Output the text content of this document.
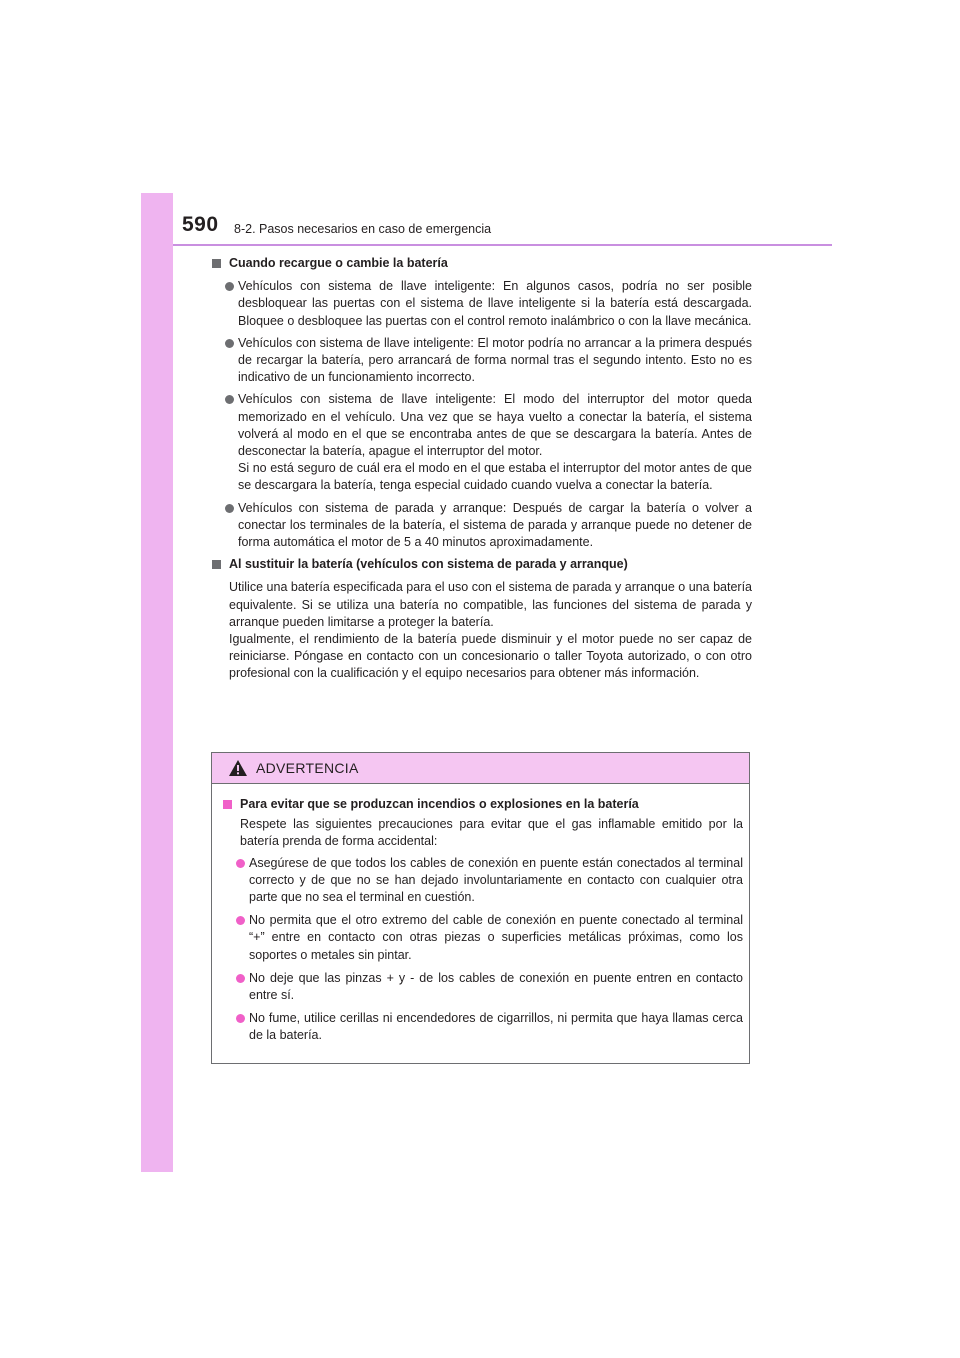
590 8-2. Pasos necesarios en caso de emergencia
Cuando recargue o cambie la batería
Vehículos con sistema de llave inteligente: En algunos casos, podría no ser posible desbloquear las puertas con el sistema de llave inteligente si la batería está descargada. Bloquee o desbloquee las puertas con el control remoto inalámbrico o con la llave mecánica.
Vehículos con sistema de llave inteligente: El motor podría no arrancar a la primera después de recargar la batería, pero arrancará de forma normal tras el segundo intento. Esto no es indicativo de un funcionamiento incorrecto.
Vehículos con sistema de llave inteligente: El modo del interruptor del motor queda memorizado en el vehículo. Una vez que se haya vuelto a conectar la batería, el sistema volverá al modo en el que se encontraba antes de que se descargara la batería. Antes de desconectar la batería, apague el interruptor del motor.
Si no está seguro de cuál era el modo en el que estaba el interruptor del motor antes de que se descargara la batería, tenga especial cuidado cuando vuelva a conectar la batería.
Vehículos con sistema de parada y arranque: Después de cargar la batería o volver a conectar los terminales de la batería, el sistema de parada y arranque puede no detener de forma automática el motor de 5 a 40 minutos aproximadamente.
Al sustituir la batería (vehículos con sistema de parada y arranque)
Utilice una batería especificada para el uso con el sistema de parada y arranque o una batería equivalente. Si se utiliza una batería no compatible, las funciones del sistema de parada y arranque pueden limitarse a proteger la batería.
Igualmente, el rendimiento de la batería puede disminuir y el motor puede no ser capaz de reiniciarse. Póngase en contacto con un concesionario o taller Toyota autorizado, o con otro profesional con la cualificación y el equipo necesarios para obtener más información.
ADVERTENCIA
Para evitar que se produzcan incendios o explosiones en la batería
Respete las siguientes precauciones para evitar que el gas inflamable emitido por la batería prenda de forma accidental:
Asegúrese de que todos los cables de conexión en puente están conectados al terminal correcto y de que no se han dejado involuntariamente en contacto con cualquier otra parte que no sea el terminal en cuestión.
No permita que el otro extremo del cable de conexión en puente conectado al terminal “+” entre en contacto con otras piezas o superficies metálicas próximas, como los soportes o metales sin pintar.
No deje que las pinzas + y - de los cables de conexión en puente entren en contacto entre sí.
No fume, utilice cerillas ni encendedores de cigarrillos, ni permita que haya llamas cerca de la batería.
